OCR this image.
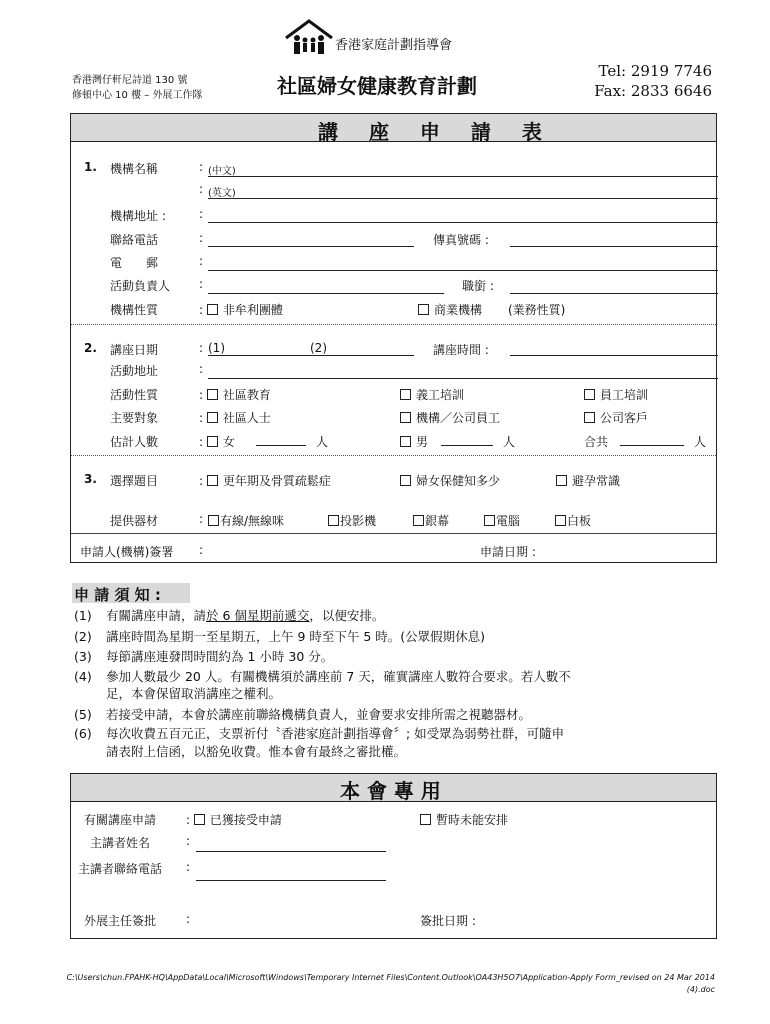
香港家庭計劃指導會
香港灣仔軒尼詩道 130 號
修頓中心 10 樓 – 外展工作隊	社區婦女健康教育計劃
Tel: 2919 7746
Fax: 2833 6646
講 座 申 請 表
1. 機構名稱	: (中文)
: (英文)
機構地址 :	:
聯絡電話	:	傳真號碼 :
電　　郵	:
活動負責人 :	職銜 :
機構性質	: 非牟利團體	商業機構 (業務性質)
2. 講座日期	: (1)	(2)	講座時間 :
活動地址	:
活動性質	: 社區教育	義工培訓	員工培訓
主要對象	: 社區人士	機構／公司員工	公司客戶
估計人數	: 女	人	男	人	合共	人
3. 選擇題目	: 更年期及骨質疏鬆症	婦女保健知多少	避孕常識
提供器材	:	有線/無線咪	投影機	銀幕	電腦	白板
申請人(機構)簽署 :	申請日期 :
申 請 須 知 :
(1) 有關講座申請，請於 6 個星期前遞交，以便安排。
(2) 講座時間為星期一至星期五，上午 9 時至下午 5 時。(公眾假期休息)
(3) 每節講座連發問時間約為 1 小時 30 分。
(4) 參加人數最少 20 人。有關機構須於講座前 7 天，確實講座人數符合要求。若人數不
足，本會保留取消講座之權利。
(5) 若接受申請，本會於講座前聯絡機構負責人，並會要求安排所需之視聽器材。
(6) 每次收費五百元正，支票祈付〝香港家庭計劃指導會〞; 如受眾為弱勢社群，可隨申
請表附上信函，以豁免收費。惟本會有最終之審批權。
本 會 專 用
有關講座申請 : 已獲接受申請	暫時未能安排
主講者姓名	:
主講者聯絡電話 :
外展主任簽批 :	簽批日期 :
C:\Users\chun.FPAHK-HQ\AppData\Local\Microsoft\Windows\Temporary Internet Files\Content.Outlook\OA43H5O7\Application-Apply Form_revised on 24 Mar 2014
(4).doc
